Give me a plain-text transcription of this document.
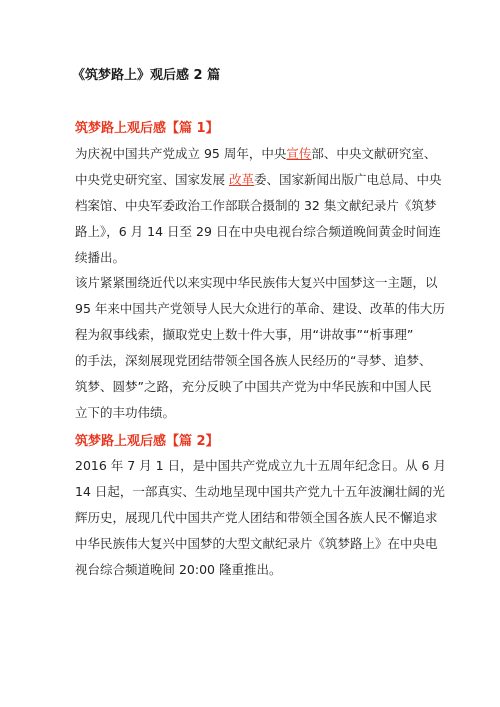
《筑梦路上》观后感 2 篇
筑梦路上观后感【篇 1】
为庆祝中国共产党成立 95 周年，中央宣传部、中央文献研究室、
中央党史研究室、国家发展 改革委、国家新闻出版广电总局、中央
档案馆、中央军委政治工作部联合摄制的 32 集文献纪录片《筑梦
路上》，6 月 14 日至 29 日在中央电视台综合频道晚间黄金时间连
续播出。
该片紧紧围绕近代以来实现中华民族伟大复兴中国梦这一主题，以
95 年来中国共产党领导人民大众进行的革命、建设、改革的伟大历
程为叙事线索，撷取党史上数十件大事，用“讲故事”“析事理”
的手法，深刻展现党团结带领全国各族人民经历的“寻梦、追梦、
筑梦、圆梦”之路，充分反映了中国共产党为中华民族和中国人民
立下的丰功伟绩。
筑梦路上观后感【篇 2】
2016 年 7 月 1 日，是中国共产党成立九十五周年纪念日。从 6 月
14 日起，一部真实、生动地呈现中国共产党九十五年波澜壮阔的光
辉历史，展现几代中国共产党人团结和带领全国各族人民不懈追求
中华民族伟大复兴中国梦的大型文献纪录片《筑梦路上》在中央电
视台综合频道晚间 20:00 隆重推出。
